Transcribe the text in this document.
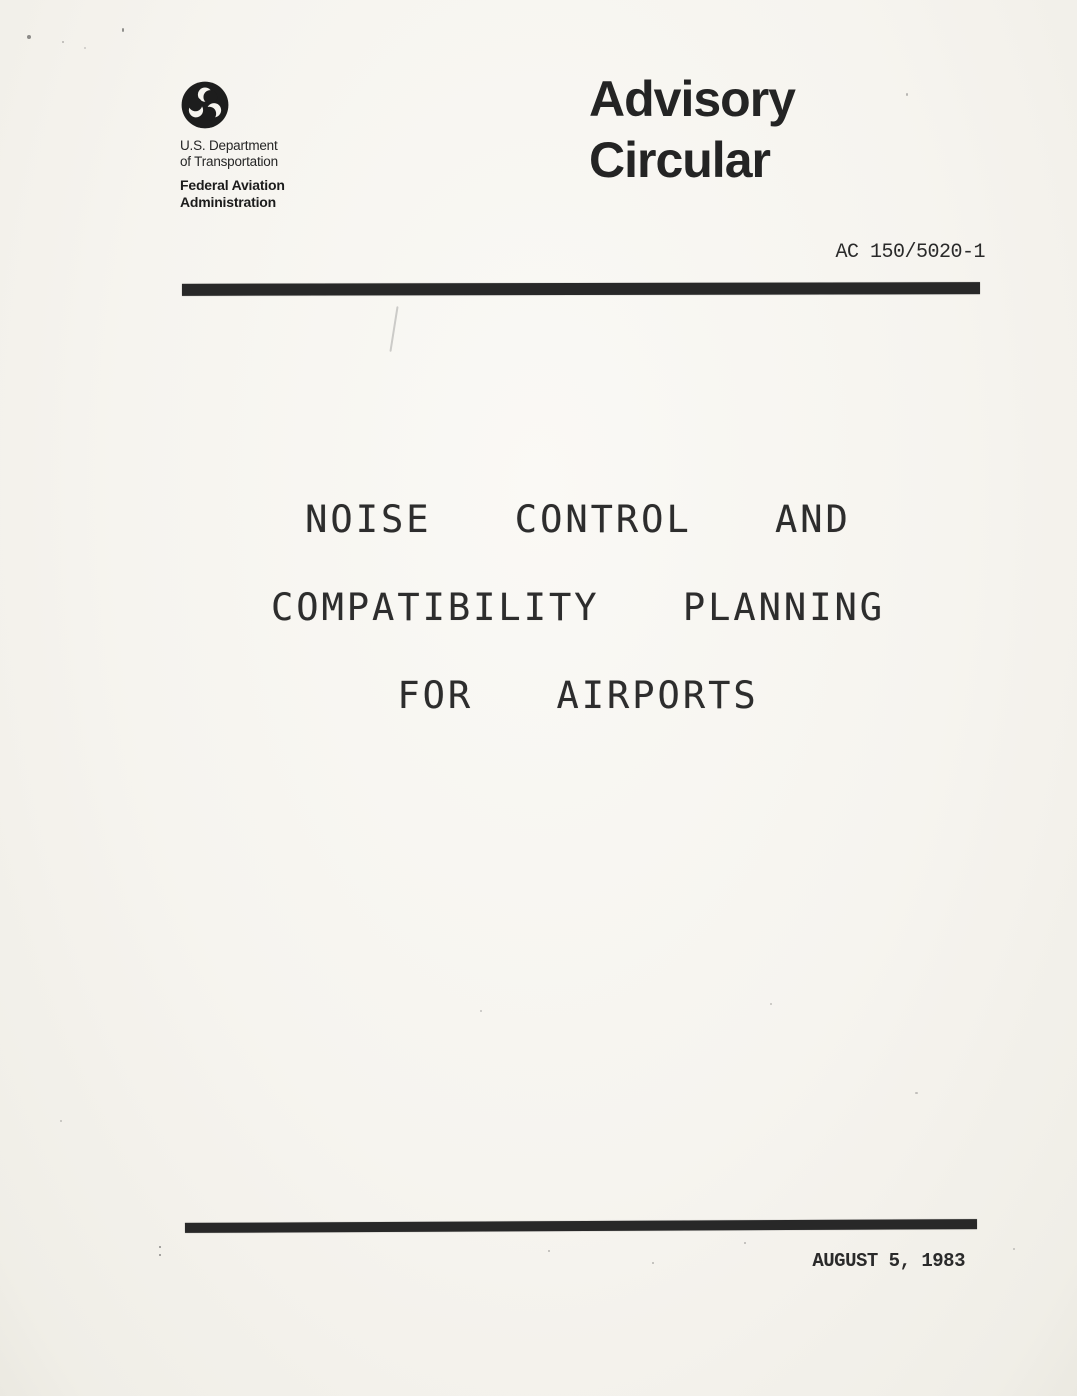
U.S. Department
of Transportation
Federal Aviation
Administration
Advisory
Circular
AC 150/5020-1
NOISE CONTROL AND
COMPATIBILITY PLANNING
FOR AIRPORTS
AUGUST 5, 1983
